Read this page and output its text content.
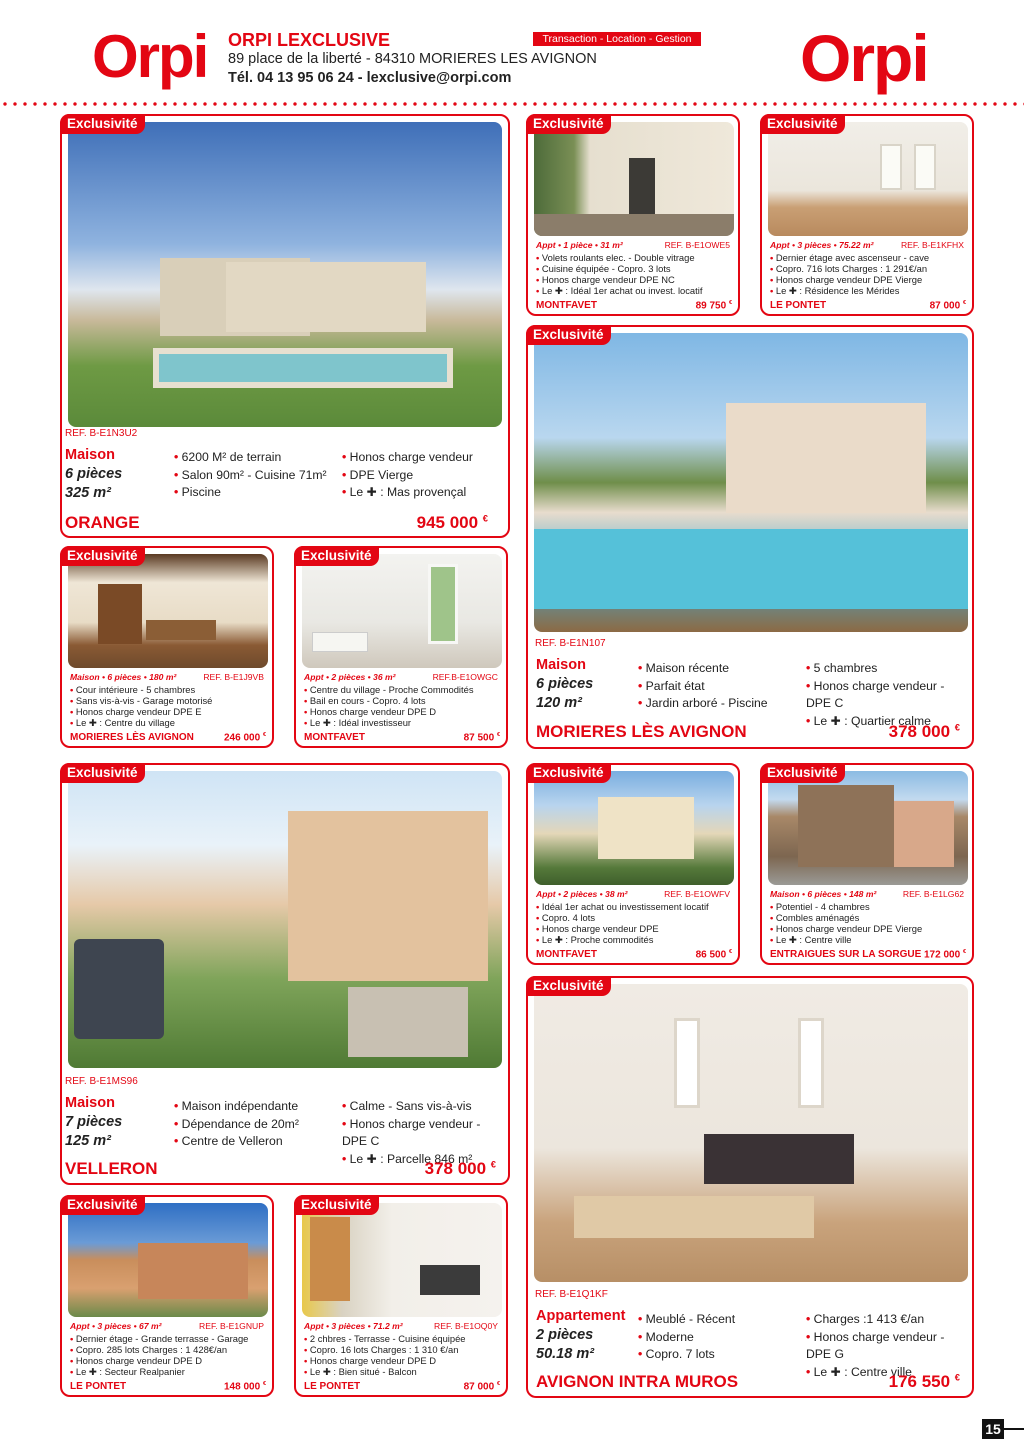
Orpi ORPI LEXCLUSIVE
89 place de la liberté - 84310 MORIERES LES AVIGNON
Tél. 04 13 95 06 24 - lexclusive@orpi.com
Transaction - Location - Gestion Orpi
Exclusivité
REF. B-E1N3U2
Maison
6 pièces
325 m²
• 6200 M² de terrain
• Salon 90m² - Cuisine 71m²
• Piscine
• Honos charge vendeur
• DPE Vierge
• Le ✚ : Mas provençal
ORANGE	945 000 €
Exclusivité
Appt • 1 pièce • 31 m²	REF. B-E1OWE5
• Volets roulants elec. - Double vitrage
• Cuisine équipée - Copro. 3 lots
• Honos charge vendeur DPE NC
• Le ✚ : Idéal 1er achat ou invest. locatif
MONTFAVET	89 750 €
Exclusivité
Appt • 3 pièces • 75.22 m²	REF. B-E1KFHX
• Dernier étage avec ascenseur - cave
• Copro. 716 lots Charges : 1 291€/an
• Honos charge vendeur DPE Vierge
• Le ✚ : Résidence les Mérides
LE PONTET	87 000 €
Exclusivité
REF. B-E1N107
Maison
6 pièces
120 m²
• Maison récente
• Parfait état
• Jardin arboré - Piscine
• 5 chambres
• Honos charge vendeur - DPE C
• Le ✚ : Quartier calme
MORIERES LÈS AVIGNON	378 000 €
Exclusivité
Maison • 6 pièces • 180 m²	REF. B-E1J9VB
• Cour intérieure - 5 chambres
• Sans vis-à-vis - Garage motorisé
• Honos charge vendeur DPE E
• Le ✚ : Centre du village
MORIERES LÈS AVIGNON	246 000 €
Exclusivité
Appt • 2 pièces • 36 m²	REF.B-E1OWGC
• Centre du village - Proche Commodités
• Bail en cours - Copro. 4 lots
• Honos charge vendeur DPE D
• Le ✚ : Idéal investisseur
MONTFAVET	87 500 €
Exclusivité
REF. B-E1MS96
Maison
7 pièces
125 m²
• Maison indépendante
• Dépendance de 20m²
• Centre de Velleron
• Calme - Sans vis-à-vis
• Honos charge vendeur - DPE C
• Le ✚ : Parcelle 846 m²
VELLERON	378 000 €
Exclusivité
Appt • 2 pièces • 38 m²	REF. B-E1OWFV
• Idéal 1er achat ou investissement locatif
• Copro. 4 lots
• Honos charge vendeur DPE
• Le ✚ : Proche commodités
MONTFAVET	86 500 €
Exclusivité
Maison • 6 pièces • 148 m²	REF. B-E1LG62
• Potentiel - 4 chambres
• Combles aménagés
• Honos charge vendeur DPE Vierge
• Le ✚ : Centre ville
ENTRAIGUES SUR LA SORGUE 172 000 €
Exclusivité
REF. B-E1Q1KF
Appartement
2 pièces
50.18 m²
• Meublé - Récent
• Moderne
• Copro. 7 lots
• Charges :1 413 €/an
• Honos charge vendeur - DPE G
• Le ✚ : Centre ville
AVIGNON INTRA MUROS	176 550 €
Exclusivité
Appt • 3 pièces • 67 m²	REF. B-E1GNUP
• Dernier étage - Grande terrasse - Garage
• Copro. 285 lots Charges : 1 428€/an
• Honos charge vendeur DPE D
• Le ✚ : Secteur Realpanier
LE PONTET	148 000 €
Exclusivité
Appt • 3 pièces • 71.2 m²	REF. B-E1OQ0Y
• 2 chbres - Terrasse - Cuisine équipée
• Copro. 16 lots Charges : 1 310 €/an
• Honos charge vendeur DPE D
• Le ✚ : Bien situé - Balcon
LE PONTET	87 000 €
15
